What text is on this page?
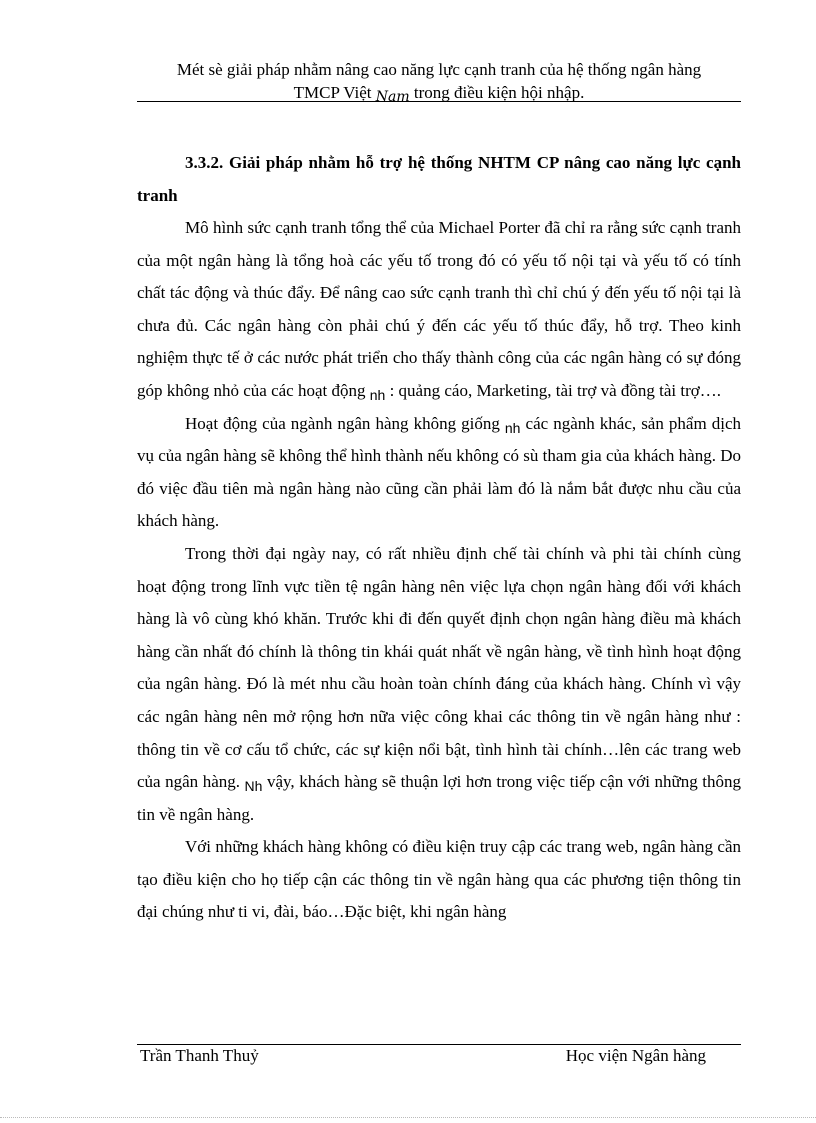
Mét sè giải pháp nhằm nâng cao năng lực cạnh tranh của hệ thống ngân hàng
TMCP Việt Nam trong điều kiện hội nhập.

3.3.2. Giải pháp nhằm hỗ trợ hệ thống NHTM CP nâng cao năng lực cạnh tranh

Mô hình sức cạnh tranh tổng thể của Michael Porter đã chỉ ra rằng sức cạnh tranh của một ngân hàng là tổng hoà các yếu tố trong đó có yếu tố nội tại và yếu tố có tính chất tác động và thúc đẩy. Để nâng cao sức cạnh tranh thì chỉ chú ý đến yếu tố nội tại là chưa đủ. Các ngân hàng còn phải chú ý đến các yếu tố thúc đẩy, hỗ trợ. Theo kinh nghiệm thực tế ở các nước phát triển cho thấy thành công của các ngân hàng có sự đóng góp không nhỏ của các hoạt động $_{nh}$ : quảng cáo, Marketing, tài trợ và đồng tài trợ….

Hoạt động của ngành ngân hàng không giống $_{nh}$ các ngành khác, sản phẩm dịch vụ của ngân hàng sẽ không thể hình thành nếu không có sù tham gia của khách hàng. Do đó việc đầu tiên mà ngân hàng nào cũng cần phải làm đó là nắm bắt được nhu cầu của khách hàng.

Trong thời đại ngày nay, có rất nhiều định chế tài chính và phi tài chính cùng hoạt động trong lĩnh vực tiền tệ ngân hàng nên việc lựa chọn ngân hàng đối với khách hàng là vô cùng khó khăn. Trước khi đi đến quyết định chọn ngân hàng điều mà khách hàng cần nhất đó chính là thông tin khái quát nhất về ngân hàng, về tình hình hoạt động của ngân hàng. Đó là mét nhu cầu hoàn toàn chính đáng của khách hàng. Chính vì vậy các ngân hàng nên mở rộng hơn nữa việc công khai các thông tin về ngân hàng như : thông tin về cơ cấu tổ chức, các sự kiện nổi bật, tình hình tài chính…lên các trang web của ngân hàng. $_{Nh}$ vậy, khách hàng sẽ thuận lợi hơn trong việc tiếp cận với những thông tin về ngân hàng.

Với những khách hàng không có điều kiện truy cập các trang web, ngân hàng cần tạo điều kiện cho họ tiếp cận các thông tin về ngân hàng qua các phương tiện thông tin đại chúng như ti vi, đài, báo…Đặc biệt, khi ngân hàng

Trần Thanh Thuỷ	Học viện Ngân hàng
